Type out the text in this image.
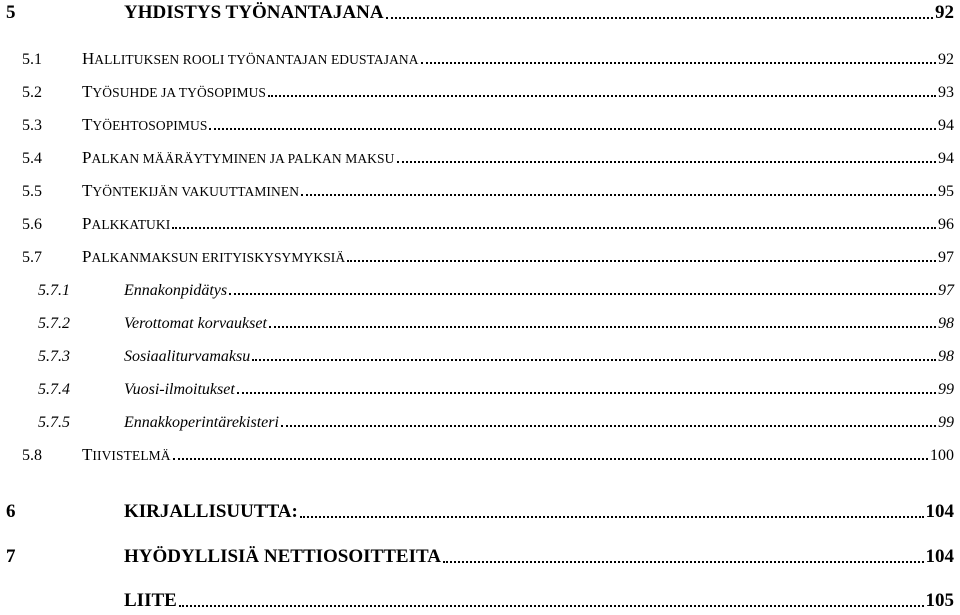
5	YHDISTYS TYÖNANTAJANA	92
5.1 HALLITUKSEN ROOLI TYÖNANTAJAN EDUSTAJANA	92
5.2 TYÖSUHDE JA TYÖSOPIMUS	93
5.3 TYÖEHTOSOPIMUS	94
5.4 PALKAN MÄÄRÄYTYMINEN JA PALKAN MAKSU	94
5.5 TYÖNTEKIJÄN VAKUUTTAMINEN	95
5.6 PALKKATUKI	96
5.7 PALKANMAKSUN ERITYISKYSYMYKSIÄ	97
5.7.1	Ennakonpidätys	97
5.7.2	Verottomat korvaukset	98
5.7.3	Sosiaaliturvamaksu	98
5.7.4	Vuosi-ilmoitukset	99
5.7.5	Ennakkoperintärekisteri	99
5.8 TIIVISTELMÄ	100
6	KIRJALLISUUTTA:	104
7	HYÖDYLLISIÄ NETTIOSOITTEITA	104
LIITE	105
